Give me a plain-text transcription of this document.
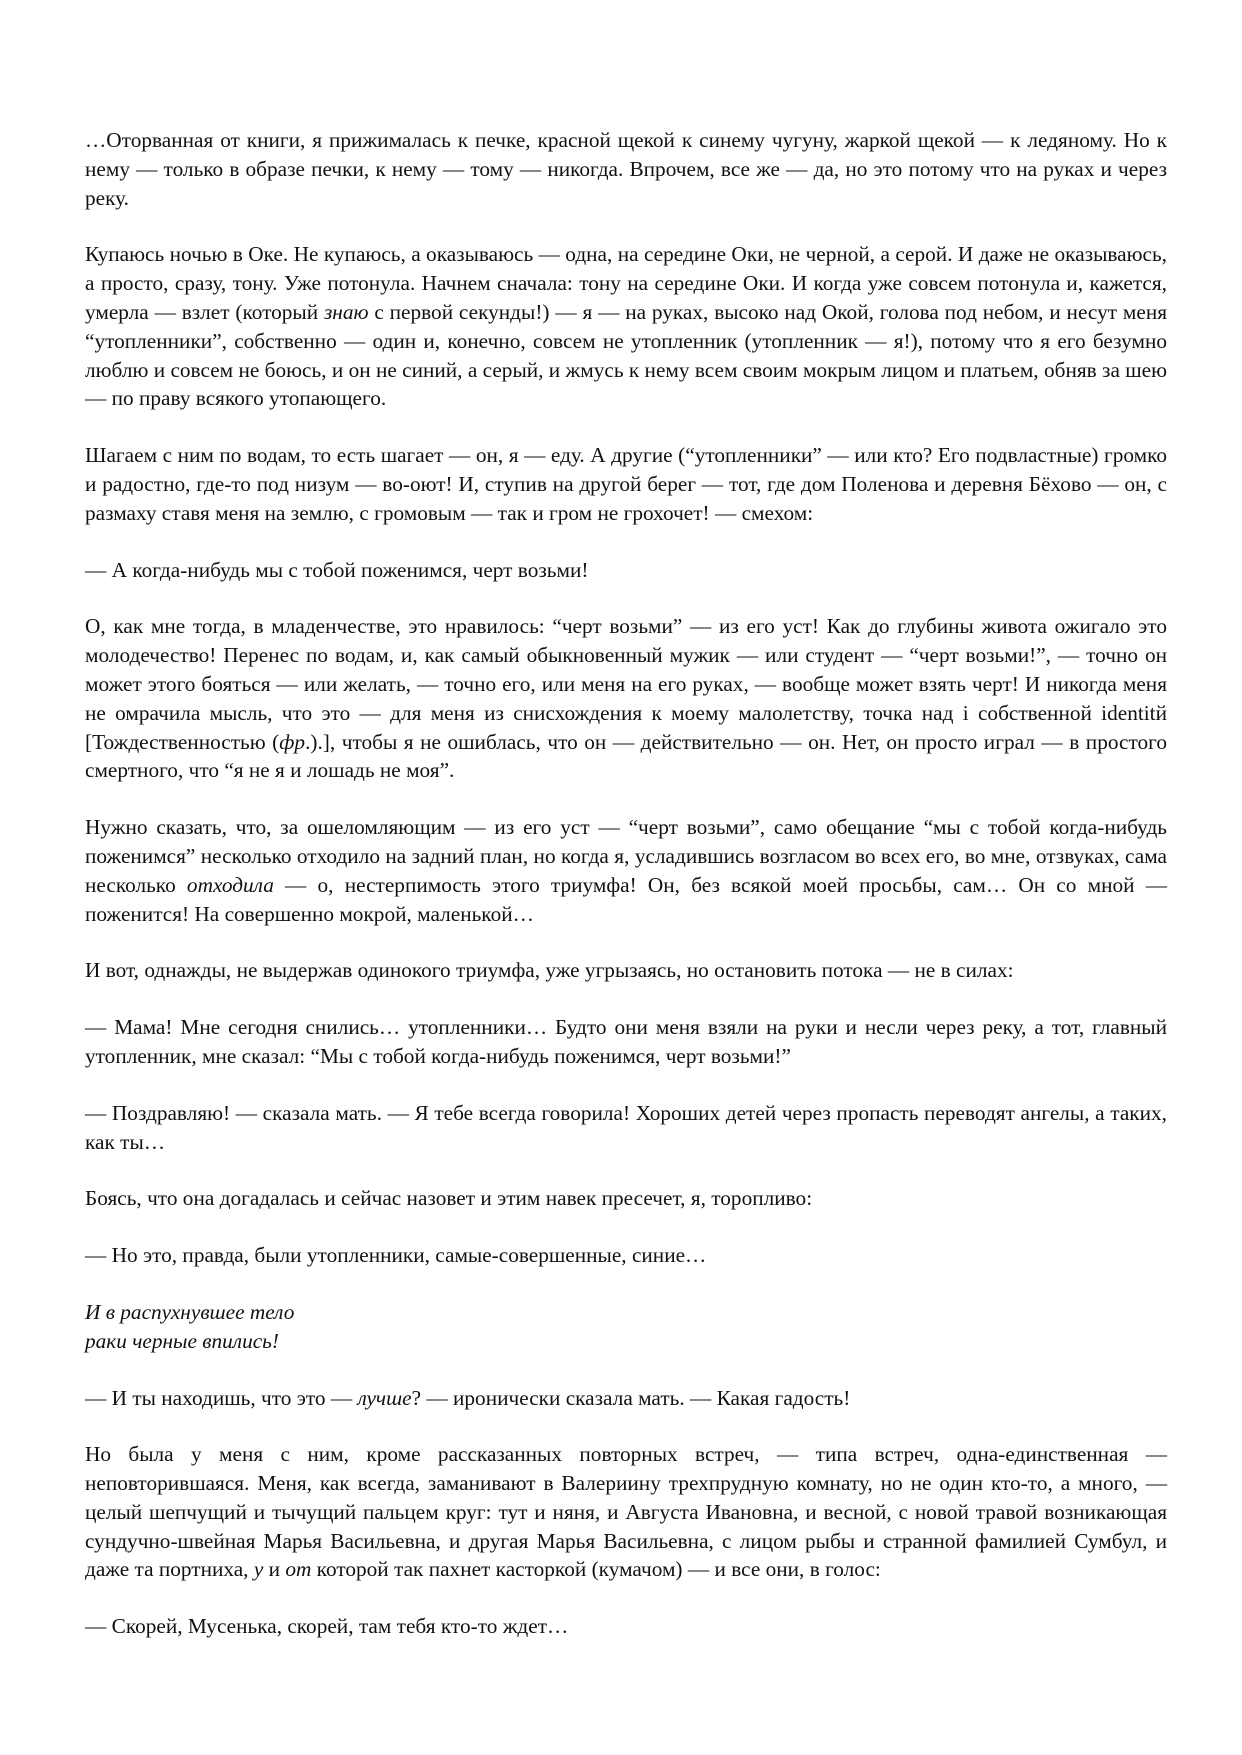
…Оторванная от книги, я прижималась к печке, красной щекой к синему чугуну, жаркой щекой — к ледяному. Но к нему — только в образе печки, к нему — тому — никогда. Впрочем, все же — да, но это потому что на руках и через реку.

Купаюсь ночью в Оке. Не купаюсь, а оказываюсь — одна, на середине Оки, не черной, а серой. И даже не оказываюсь, а просто, сразу, тону. Уже потонула. Начнем сначала: тону на середине Оки. И когда уже совсем потонула и, кажется, умерла — взлет (который знаю с первой секунды!) — я — на руках, высоко над Окой, голова под небом, и несут меня “утопленники”, собственно — один и, конечно, совсем не утопленник (утопленник — я!), потому что я его безумно люблю и совсем не боюсь, и он не синий, а серый, и жмусь к нему всем своим мокрым лицом и платьем, обняв за шею — по праву всякого утопающего.

Шагаем с ним по водам, то есть шагает — он, я — еду. А другие (“утопленники” — или кто? Его подвластные) громко и радостно, где-то под низум — во-оют! И, ступив на другой берег — тот, где дом Поленова и деревня Бёхово — он, с размаху ставя меня на землю, с громовым — так и гром не грохочет! — смехом:

— А когда-нибудь мы с тобой поженимся, черт возьми!

О, как мне тогда, в младенчестве, это нравилось: “черт возьми” — из его уст! Как до глубины живота ожигало это молодечество! Перенес по водам, и, как самый обыкновенный мужик — или студент — “черт возьми!”, — точно он может этого бояться — или желать, — точно его, или меня на его руках, — вообще может взять черт! И никогда меня не омрачила мысль, что это — для меня из снисхождения к моему малолетству, точка над i собственной identitй [Тождественностью (фр.).], чтобы я не ошиблась, что он — действительно — он. Нет, он просто играл — в простого смертного, что “я не я и лошадь не моя”.

Нужно сказать, что, за ошеломляющим — из его уст — “черт возьми”, само обещание “мы с тобой когда-нибудь поженимся” несколько отходило на задний план, но когда я, усладившись возгласом во всех его, во мне, отзвуках, сама несколько отходила — о, нестерпимость этого триумфа! Он, без всякой моей просьбы, сам… Он со мной — поженится! На совершенно мокрой, маленькой…

И вот, однажды, не выдержав одинокого триумфа, уже угрызаясь, но остановить потока — не в силах:

— Мама! Мне сегодня снились… утопленники… Будто они меня взяли на руки и несли через реку, а тот, главный утопленник, мне сказал: “Мы с тобой когда-нибудь поженимся, черт возьми!”

— Поздравляю! — сказала мать. — Я тебе всегда говорила! Хороших детей через пропасть переводят ангелы, а таких, как ты…

Боясь, что она догадалась и сейчас назовет и этим навек пресечет, я, торопливо:

— Но это, правда, были утопленники, самые-совершенные, синие…

И в распухнувшее тело
раки черные впились!

— И ты находишь, что это — лучше? — иронически сказала мать. — Какая гадость!

Но была у меня с ним, кроме рассказанных повторных встреч, — типа встреч, одна-единственная — неповторившаяся. Меня, как всегда, заманивают в Валериину трехпрудную комнату, но не один кто-то, а много, — целый шепчущий и тычущий пальцем круг: тут и няня, и Августа Ивановна, и весной, с новой травой возникающая сундучно-швейная Марья Васильевна, и другая Марья Васильевна, с лицом рыбы и странной фамилией Сумбул, и даже та портниха, у и от которой так пахнет касторкой (кумачом) — и все они, в голос:

— Скорей, Мусенька, скорей, там тебя кто-то ждет…
